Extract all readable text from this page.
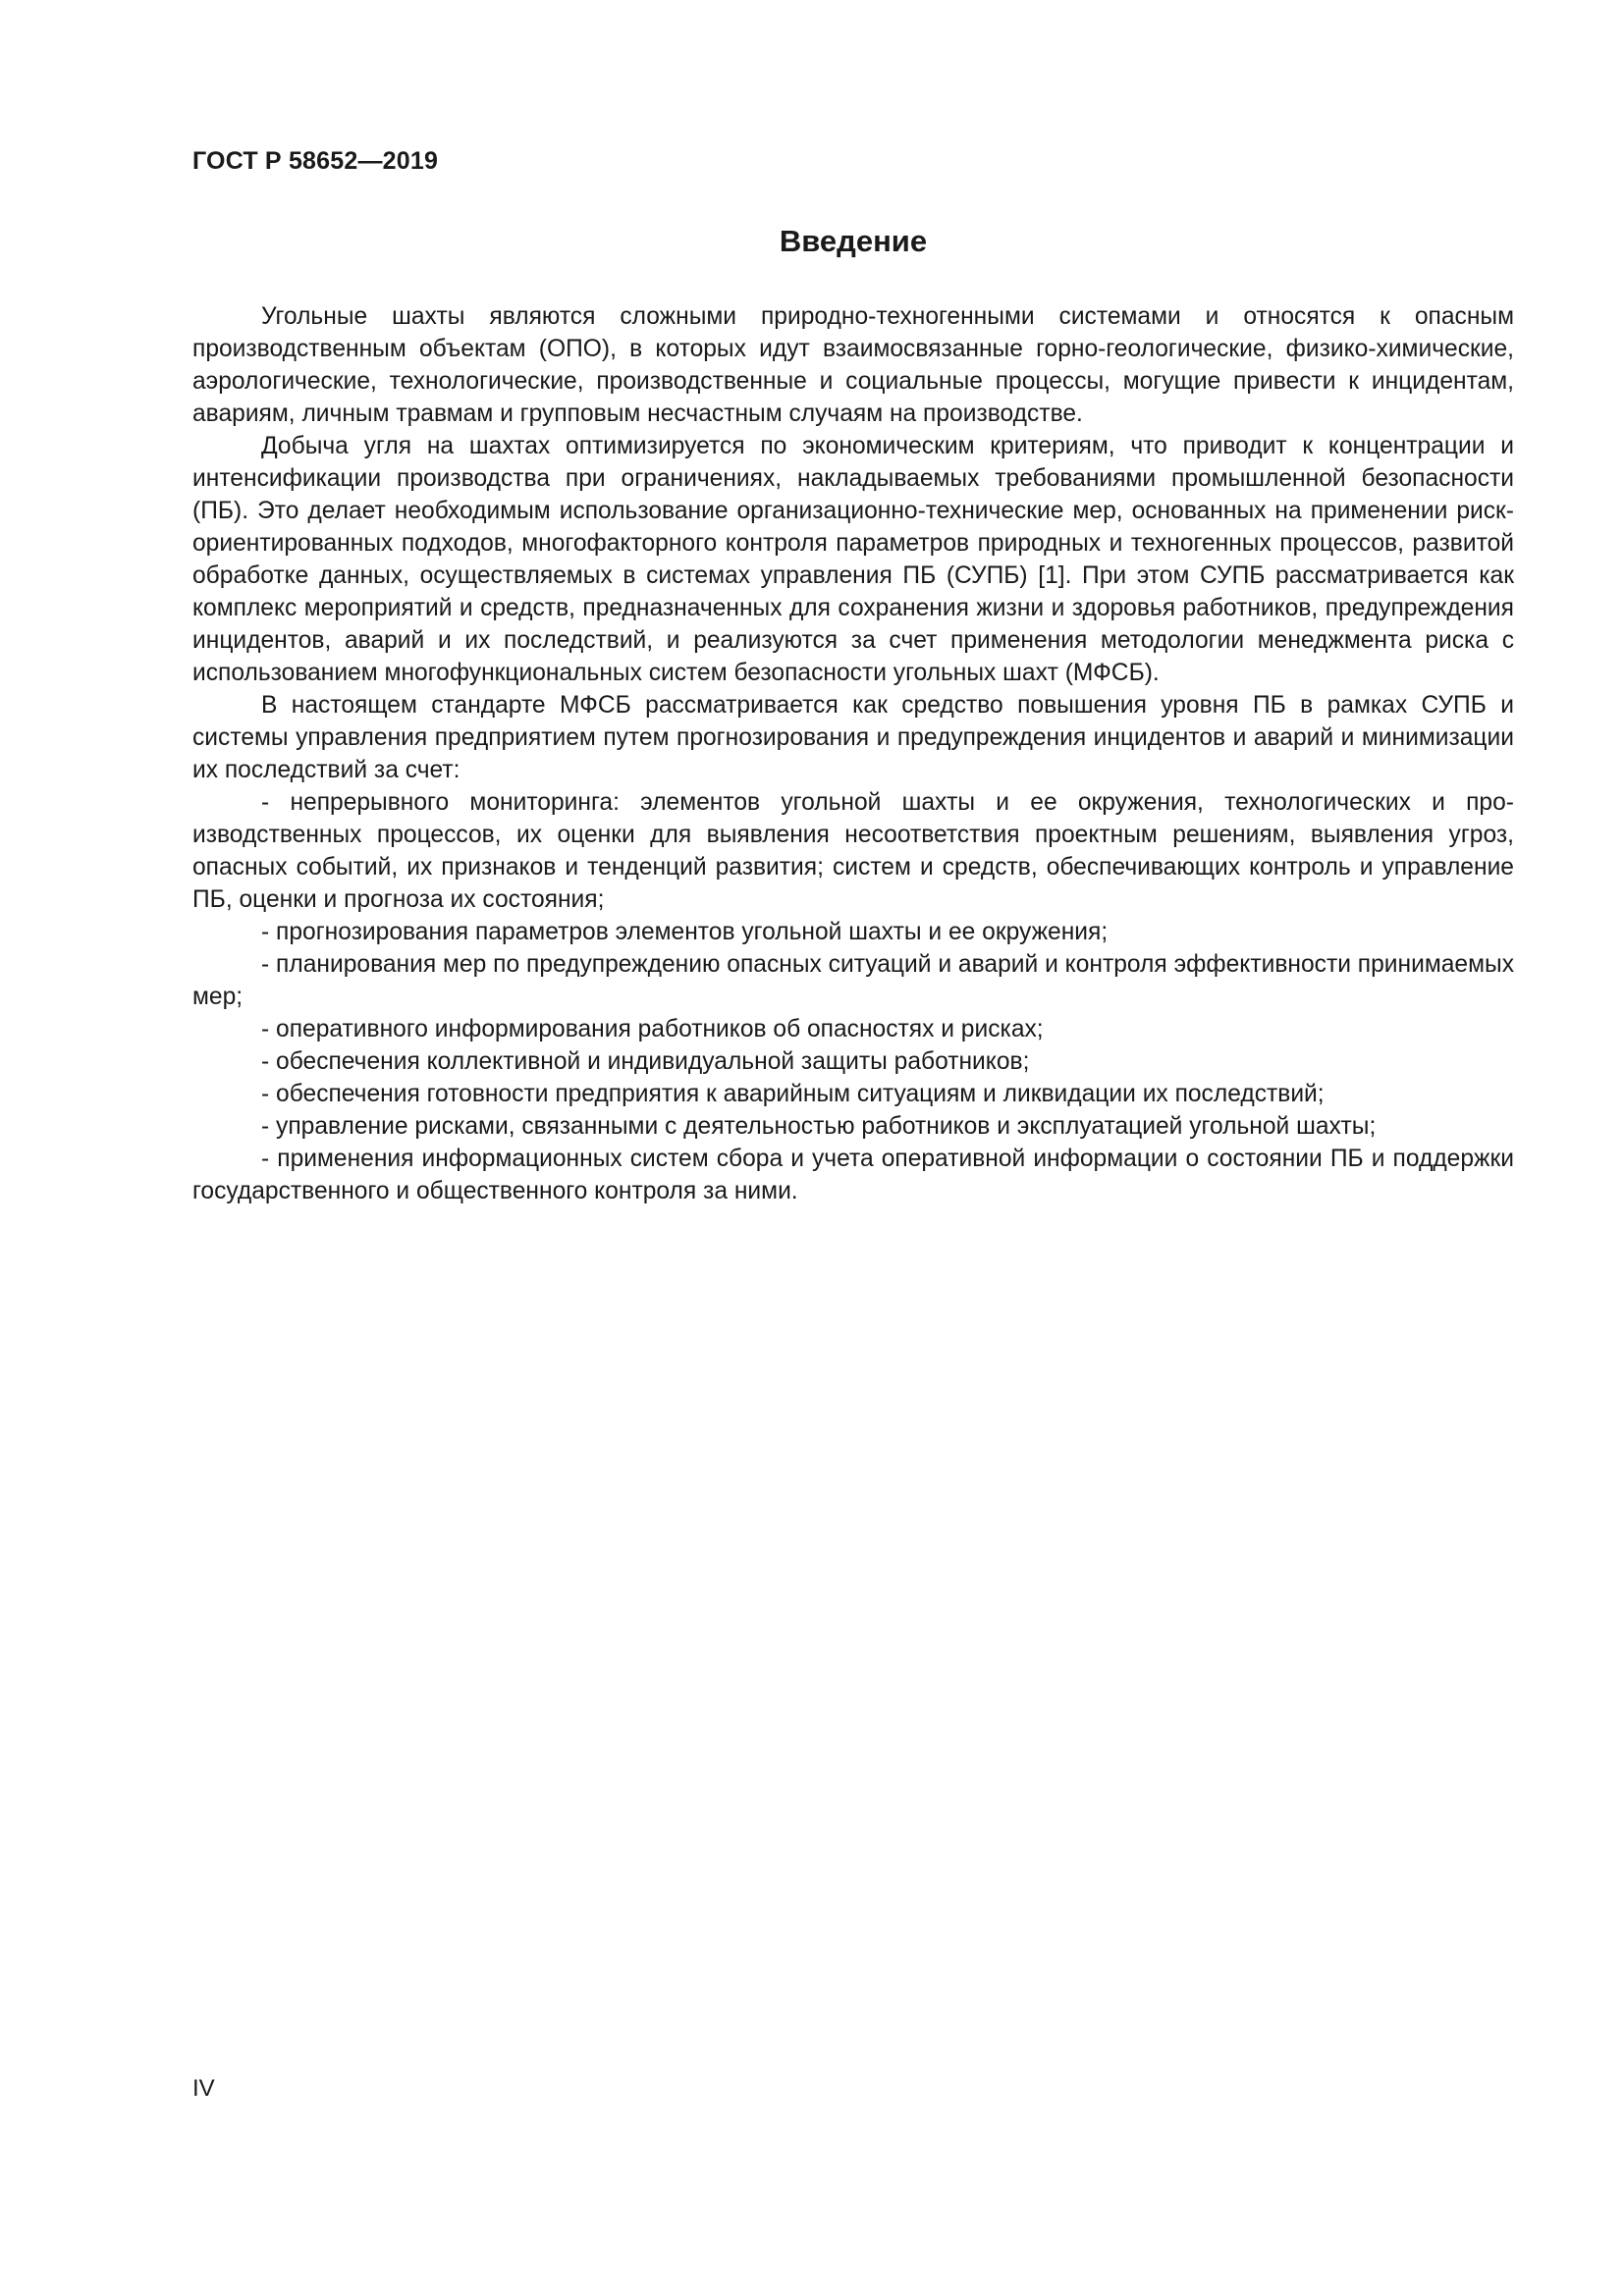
ГОСТ Р 58652—2019
Введение

Угольные шахты являются сложными природно-техногенными системами и относятся к опасным производственным объектам (ОПО), в которых идут взаимосвязанные горно-геологические, физико-химические, аэрологические, технологические, производственные и социальные процессы, могущие привести к инцидентам, авариям, личным травмам и групповым несчастным случаям на производстве.

Добыча угля на шахтах оптимизируется по экономическим критериям, что приводит к концентрации и интенсификации производства при ограничениях, накладываемых требованиями промышленной безопасности (ПБ). Это делает необходимым использование организационно-технические мер, основанных на применении риск-ориентированных подходов, многофакторного контроля параметров природных и техногенных процессов, развитой обработке данных, осуществляемых в системах управления ПБ (СУПБ) [1]. При этом СУПБ рассматривается как комплекс мероприятий и средств, предназначенных для сохранения жизни и здоровья работников, предупреждения инцидентов, аварий и их последствий, и реализуются за счет применения методологии менеджмента риска с использованием многофункциональных систем безопасности угольных шахт (МФСБ).

В настоящем стандарте МФСБ рассматривается как средство повышения уровня ПБ в рамках СУПБ и системы управления предприятием путем прогнозирования и предупреждения инцидентов и аварий и минимизации их последствий за счет:

- непрерывного мониторинга: элементов угольной шахты и ее окружения, технологических и производственных процессов, их оценки для выявления несоответствия проектным решениям, выявления угроз, опасных событий, их признаков и тенденций развития; систем и средств, обеспечивающих контроль и управление ПБ, оценки и прогноза их состояния;

- прогнозирования параметров элементов угольной шахты и ее окружения;

- планирования мер по предупреждению опасных ситуаций и аварий и контроля эффективности принимаемых мер;

- оперативного информирования работников об опасностях и рисках;

- обеспечения коллективной и индивидуальной защиты работников;

- обеспечения готовности предприятия к аварийным ситуациям и ликвидации их последствий;

- управление рисками, связанными с деятельностью работников и эксплуатацией угольной шахты;

- применения информационных систем сбора и учета оперативной информации о состоянии ПБ и поддержки государственного и общественного контроля за ними.

IV
